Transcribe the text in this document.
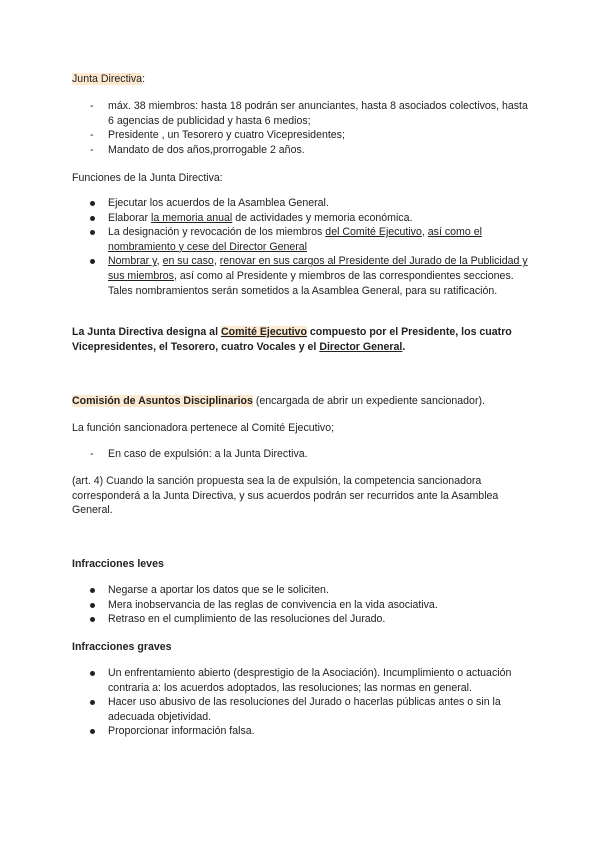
Junta Directiva:

- máx. 38 miembros: hasta 18 podrán ser anunciantes, hasta 8 asociados colectivos, hasta 6 agencias de publicidad y hasta 6 medios;
- Presidente , un Tesorero y cuatro Vicepresidentes;
- Mandato de dos años,prorrogable 2 años.

Funciones de la Junta Directiva:

Ejecutar los acuerdos de la Asamblea General.
Elaborar la memoria anual de actividades y memoria económica.
La designación y revocación de los miembros del Comité Ejecutivo, así como el nombramiento y cese del Director General
Nombrar y, en su caso, renovar en sus cargos al Presidente del Jurado de la Publicidad y sus miembros, así como al Presidente y miembros de las correspondientes secciones. Tales nombramientos serán sometidos a la Asamblea General, para su ratificación.

La Junta Directiva designa al Comité Ejecutivo compuesto por el Presidente, los cuatro Vicepresidentes, el Tesorero, cuatro Vocales y el Director General.

Comisión de Asuntos Disciplinarios (encargada de abrir un expediente sancionador).

La función sancionadora pertenece al Comité Ejecutivo;

- En caso de expulsión: a la Junta Directiva.

(art. 4) Cuando la sanción propuesta sea la de expulsión, la competencia sancionadora corresponderá a la Junta Directiva, y sus acuerdos podrán ser recurridos ante la Asamblea General.

Infracciones leves

Negarse a aportar los datos que se le soliciten.
Mera inobservancia de las reglas de convivencia en la vida asociativa.
Retraso en el cumplimiento de las resoluciones del Jurado.

Infracciones graves

Un enfrentamiento abierto (desprestigio de la Asociación). Incumplimiento o actuación contraria a: los acuerdos adoptados, las resoluciones; las normas en general.
Hacer uso abusivo de las resoluciones del Jurado o hacerlas públicas antes o sin la adecuada objetividad.
Proporcionar información falsa.
